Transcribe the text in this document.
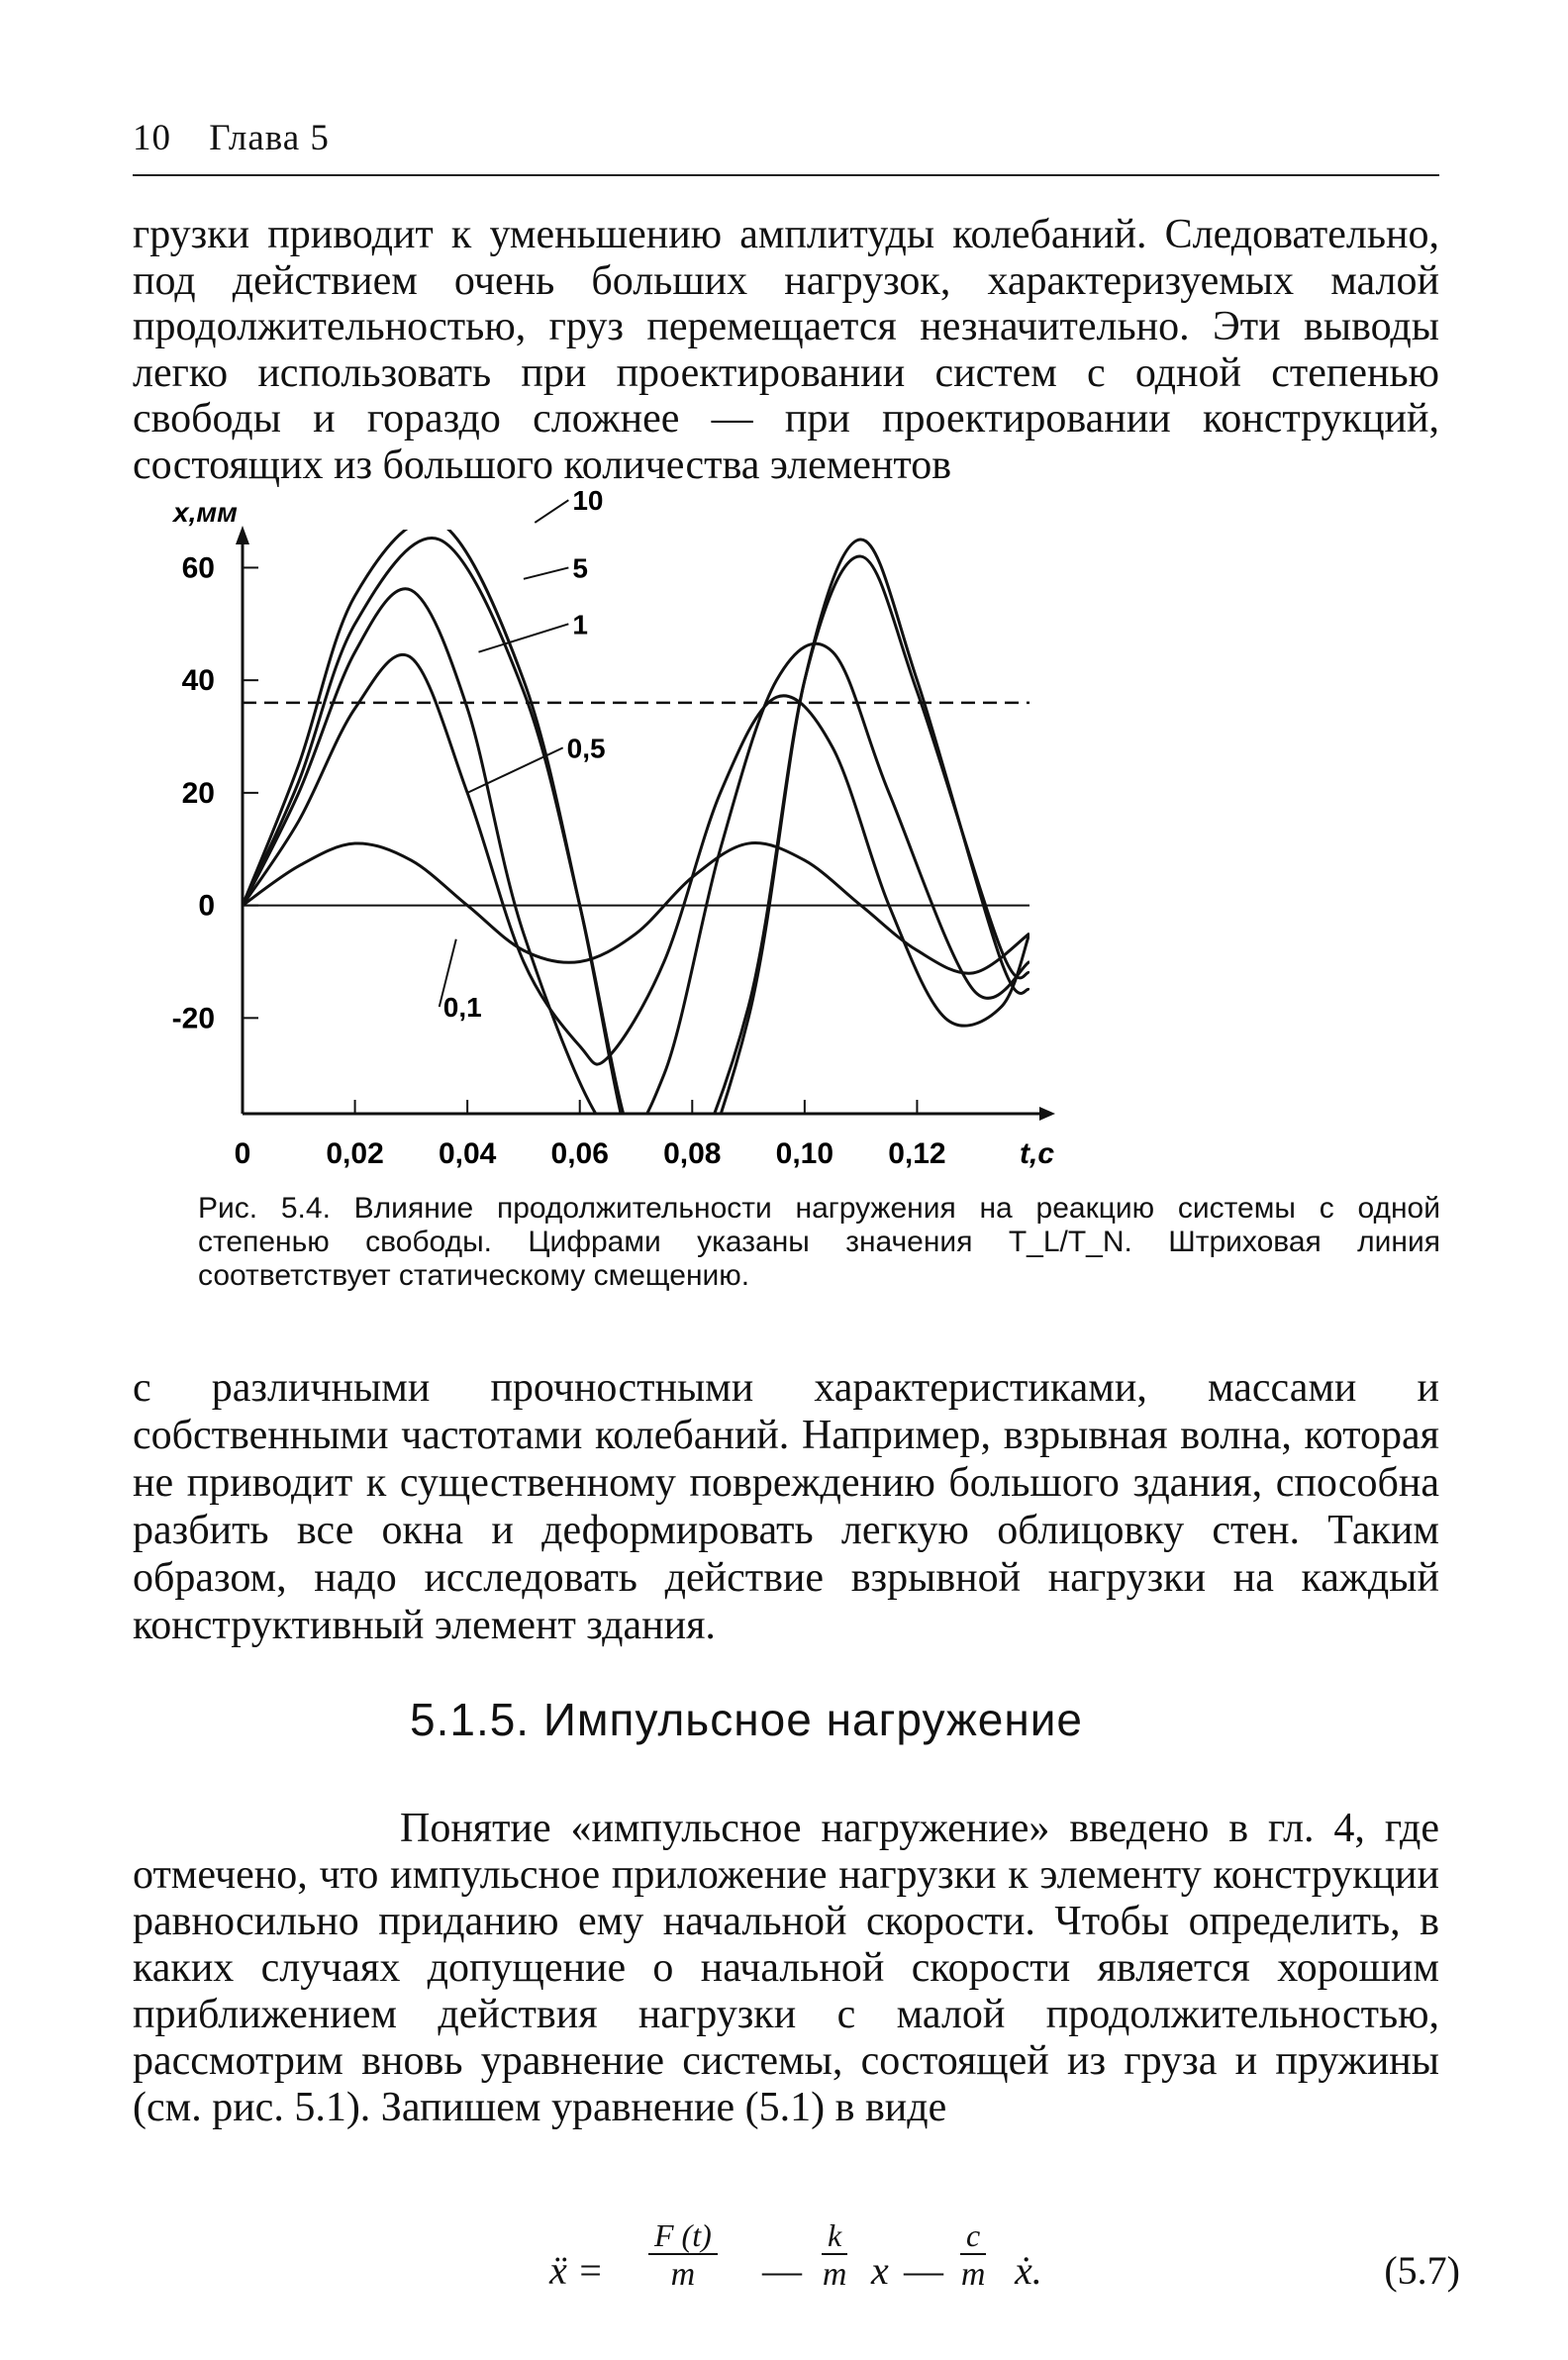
10 Глава 5
грузки приводит к уменьшению амплитуды колебаний. Следовательно, под действием очень больших нагрузок, характеризуемых малой продолжительностью, груз перемещается незначительно. Эти выводы легко использовать при проектировании систем с одной степенью свободы и гораздо сложнее — при проектировании конструкций, состоящих из большого количества элементов
0	0,02 0,04 0,06 0,08 0,10 0,12 t,c
60
40
20
0
-20
x,мм	10
5
1
0,5
0,1
Рис. 5.4. Влияние продолжительности нагружения на реакцию системы с одной степенью свободы. Цифрами указаны значения T_L/T_N. Штриховая линия соответствует статическому смещению.
с различными прочностными характеристиками, массами и собственными частотами колебаний. Например, взрывная волна, которая не приводит к существенному повреждению большого здания, способна разбить все окна и деформировать легкую облицовку стен. Таким образом, надо исследовать действие взрывной нагрузки на каждый конструктивный элемент здания.
5.1.5. Импульсное нагружение
Понятие «импульсное нагружение» введено в гл. 4, где отмечено, что импульсное приложение нагрузки к элементу конструкции равносильно приданию ему начальной скорости. Чтобы определить, в каких случаях допущение о начальной скорости является хорошим приближением действия нагрузки с малой продолжительностью, рассмотрим вновь уравнение системы, состоящей из груза и пружины (см. рис. 5.1). Запишем уравнение (5.1) в виде
ẍ = $\frac{F (t)}{m}$ — $\frac{k}{m}$ x — $\frac{c}{m}$ ẋ.	(5.7)
